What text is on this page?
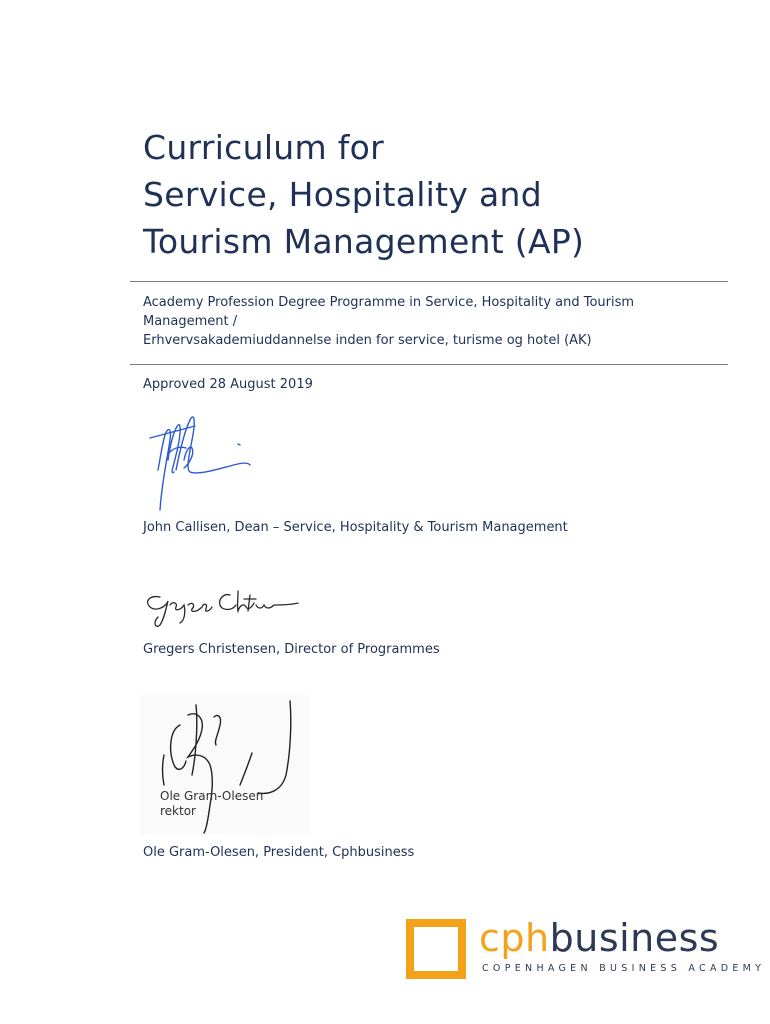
Curriculum for
Service, Hospitality and
Tourism Management (AP)
Academy Profession Degree Programme in Service, Hospitality and Tourism
Management /
Erhvervsakademiuddannelse inden for service, turisme og hotel (AK)
Approved 28 August 2019
John Callisen, Dean – Service, Hospitality & Tourism Management
Gregers Christensen, Director of Programmes
Ole Gram-Olesen
rektor
Ole Gram-Olesen, President, Cphbusiness
cphbusiness
COPENHAGEN BUSINESS ACADEMY
